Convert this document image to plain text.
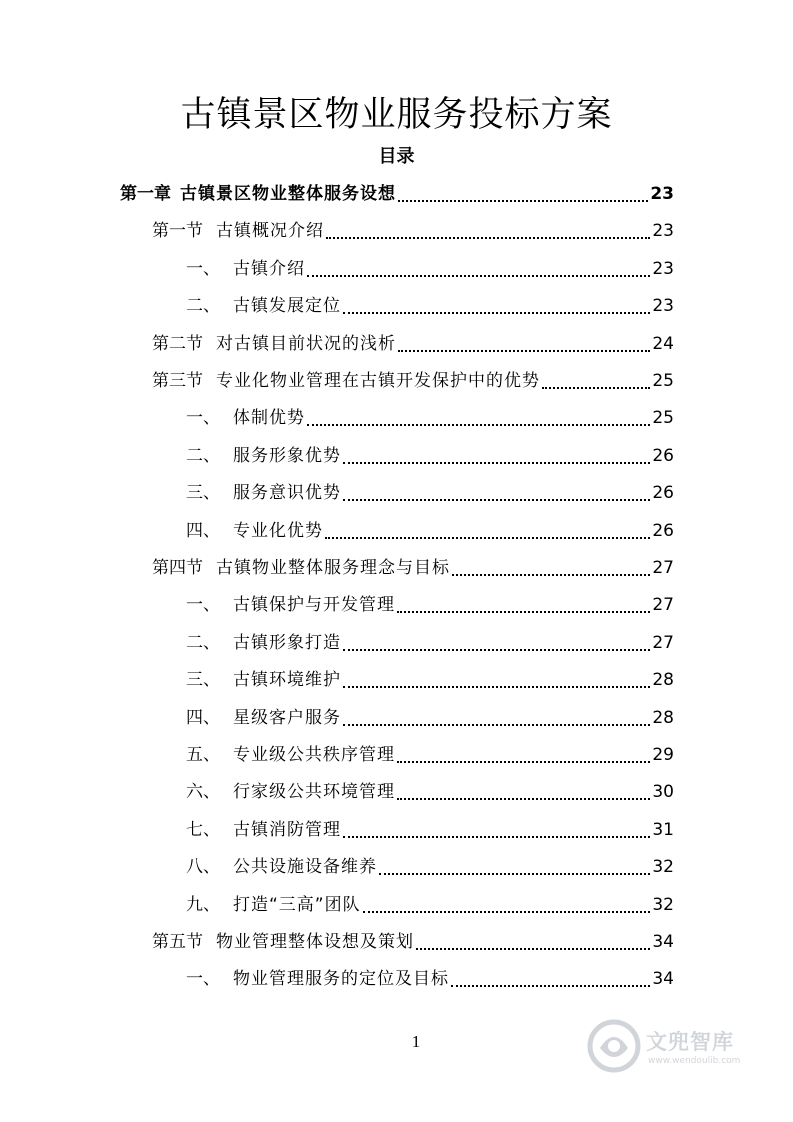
古镇景区物业服务投标方案
目录
第一章 古镇景区物业整体服务设想	23
第一节 古镇概况介绍	23
一、 古镇介绍	23
二、 古镇发展定位	23
第二节 对古镇目前状况的浅析	24
第三节 专业化物业管理在古镇开发保护中的优势	25
一、 体制优势	25
二、 服务形象优势	26
三、 服务意识优势	26
四、 专业化优势	26
第四节 古镇物业整体服务理念与目标	27
一、 古镇保护与开发管理	27
二、 古镇形象打造	27
三、 古镇环境维护	28
四、 星级客户服务	28
五、 专业级公共秩序管理	29
六、 行家级公共环境管理	30
七、 古镇消防管理	31
八、 公共设施设备维养	32
九、 打造“三高”团队	32
第五节 物业管理整体设想及策划	34
一、 物业管理服务的定位及目标	34
1	文兜智库
www.wendoulib.com
